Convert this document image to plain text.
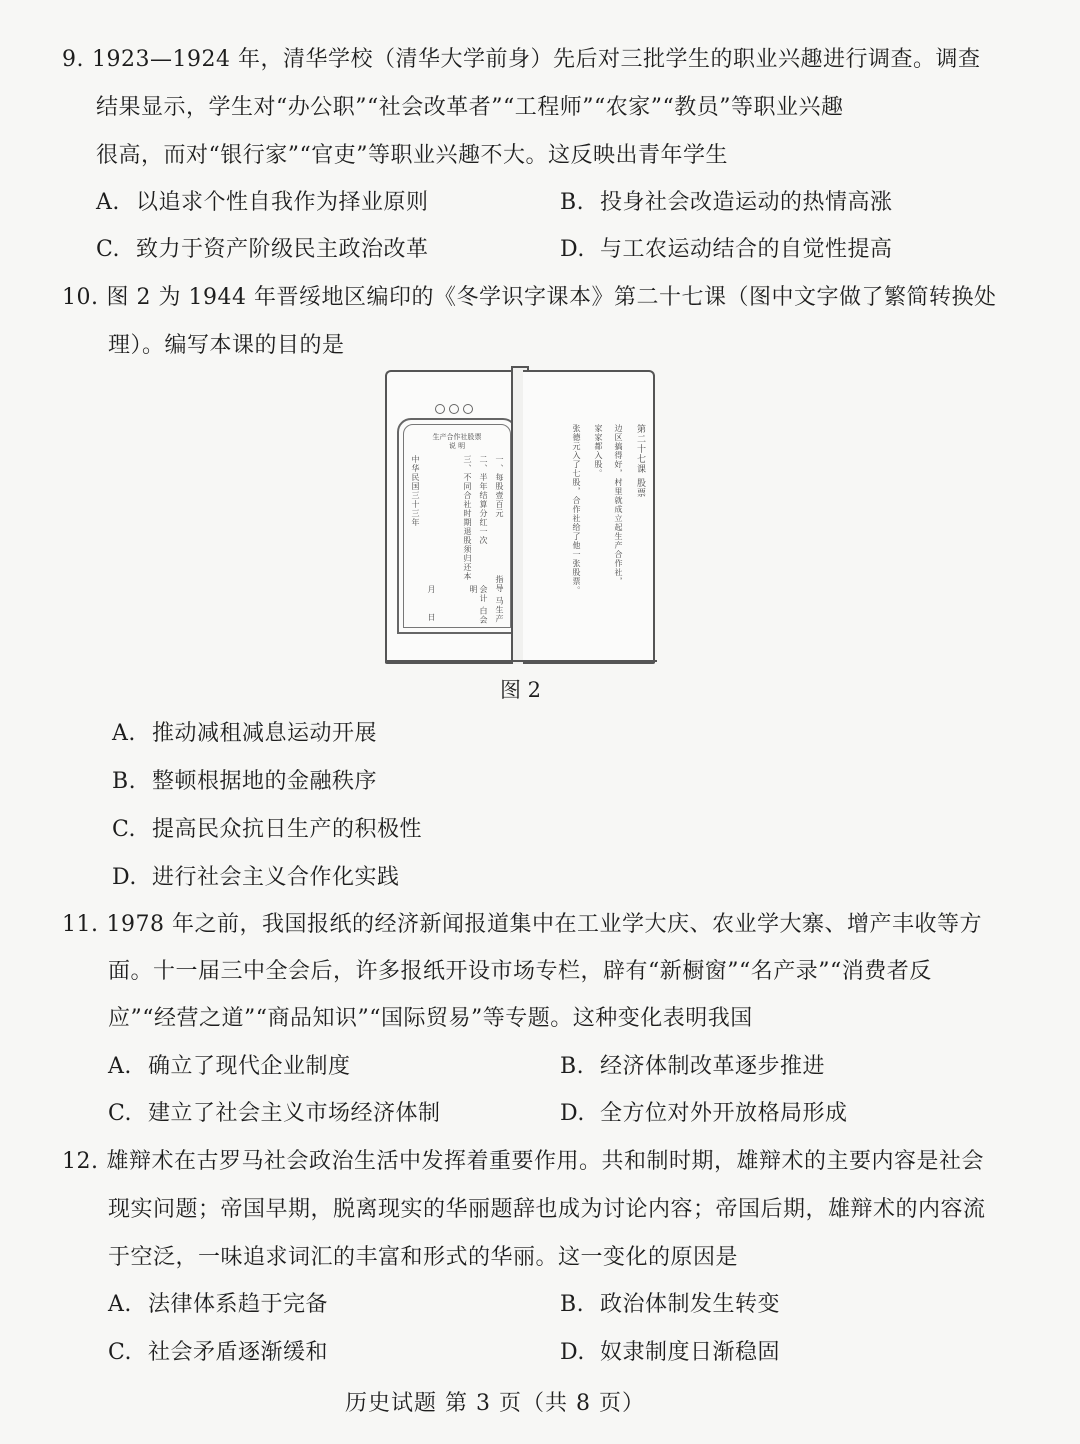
9. 1923—1924 年，清华学校（清华大学前身）先后对三批学生的职业兴趣进行调查。调查
结果显示，学生对“办公职”“社会改革者”“工程师”“农家”“教员”等职业兴趣
很高，而对“银行家”“官吏”等职业兴趣不大。这反映出青年学生
A. 以追求个性自我作为择业原则	B. 投身社会改造运动的热情高涨
C. 致力于资产阶级民主政治改革	D. 与工农运动结合的自觉性提高
10. 图 2 为 1944 年晋绥地区编印的《冬学识字课本》第二十七课（图中文字做了繁简转换处
理）。编写本课的目的是
生产合作社股票
说 明
一、每股壹百元
二、半年结算分红一次
三、不同合社时期退股须归还本
中华民国三十三年
指导 马生产
会计 白会明
月
日
第二十七课 股票
边区搞得好，村里就成立起生产合作社，
家家都入股。
张德元入了七股，合作社给了他一张股票。
图 2
A. 推动减租减息运动开展
B. 整顿根据地的金融秩序
C. 提高民众抗日生产的积极性
D. 进行社会主义合作化实践
11. 1978 年之前，我国报纸的经济新闻报道集中在工业学大庆、农业学大寨、增产丰收等方
面。十一届三中全会后，许多报纸开设市场专栏，辟有“新橱窗”“名产录”“消费者反
应”“经营之道”“商品知识”“国际贸易”等专题。这种变化表明我国
A. 确立了现代企业制度	B. 经济体制改革逐步推进
C. 建立了社会主义市场经济体制	D. 全方位对外开放格局形成
12. 雄辩术在古罗马社会政治生活中发挥着重要作用。共和制时期，雄辩术的主要内容是社会
现实问题；帝国早期，脱离现实的华丽题辞也成为讨论内容；帝国后期，雄辩术的内容流
于空泛，一味追求词汇的丰富和形式的华丽。这一变化的原因是
A. 法律体系趋于完备	B. 政治体制发生转变
C. 社会矛盾逐渐缓和	D. 奴隶制度日渐稳固
历史试题 第 3 页（共 8 页）
